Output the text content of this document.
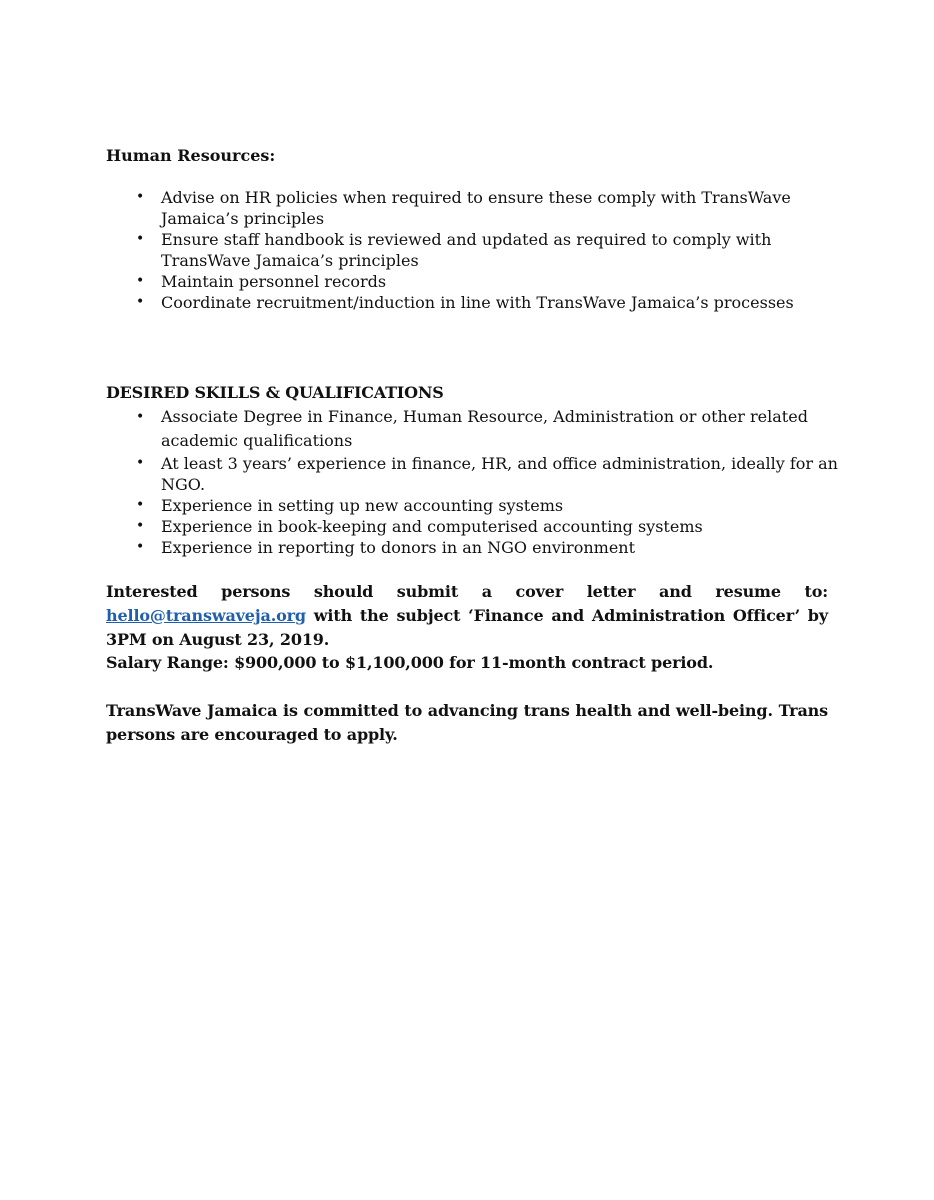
Human Resources:
• Advise on HR policies when required to ensure these comply with TransWave Jamaica’s principles
• Ensure staff handbook is reviewed and updated as required to comply with TransWave Jamaica’s principles
• Maintain personnel records
• Coordinate recruitment/induction in line with TransWave Jamaica’s processes
DESIRED SKILLS & QUALIFICATIONS
• Associate Degree in Finance, Human Resource, Administration or other related academic qualifications
• At least 3 years’ experience in finance, HR, and office administration, ideally for an NGO.
• Experience in setting up new accounting systems
• Experience in book-keeping and computerised accounting systems
• Experience in reporting to donors in an NGO environment

Interested persons should submit a cover letter and resume to: hello@transwaveja.org with the subject ‘Finance and Administration Officer’ by 3PM on August 23, 2019.

Salary Range: $900,000 to $1,100,000 for 11-month contract period.

TransWave Jamaica is committed to advancing trans health and well-being. Trans persons are encouraged to apply.
